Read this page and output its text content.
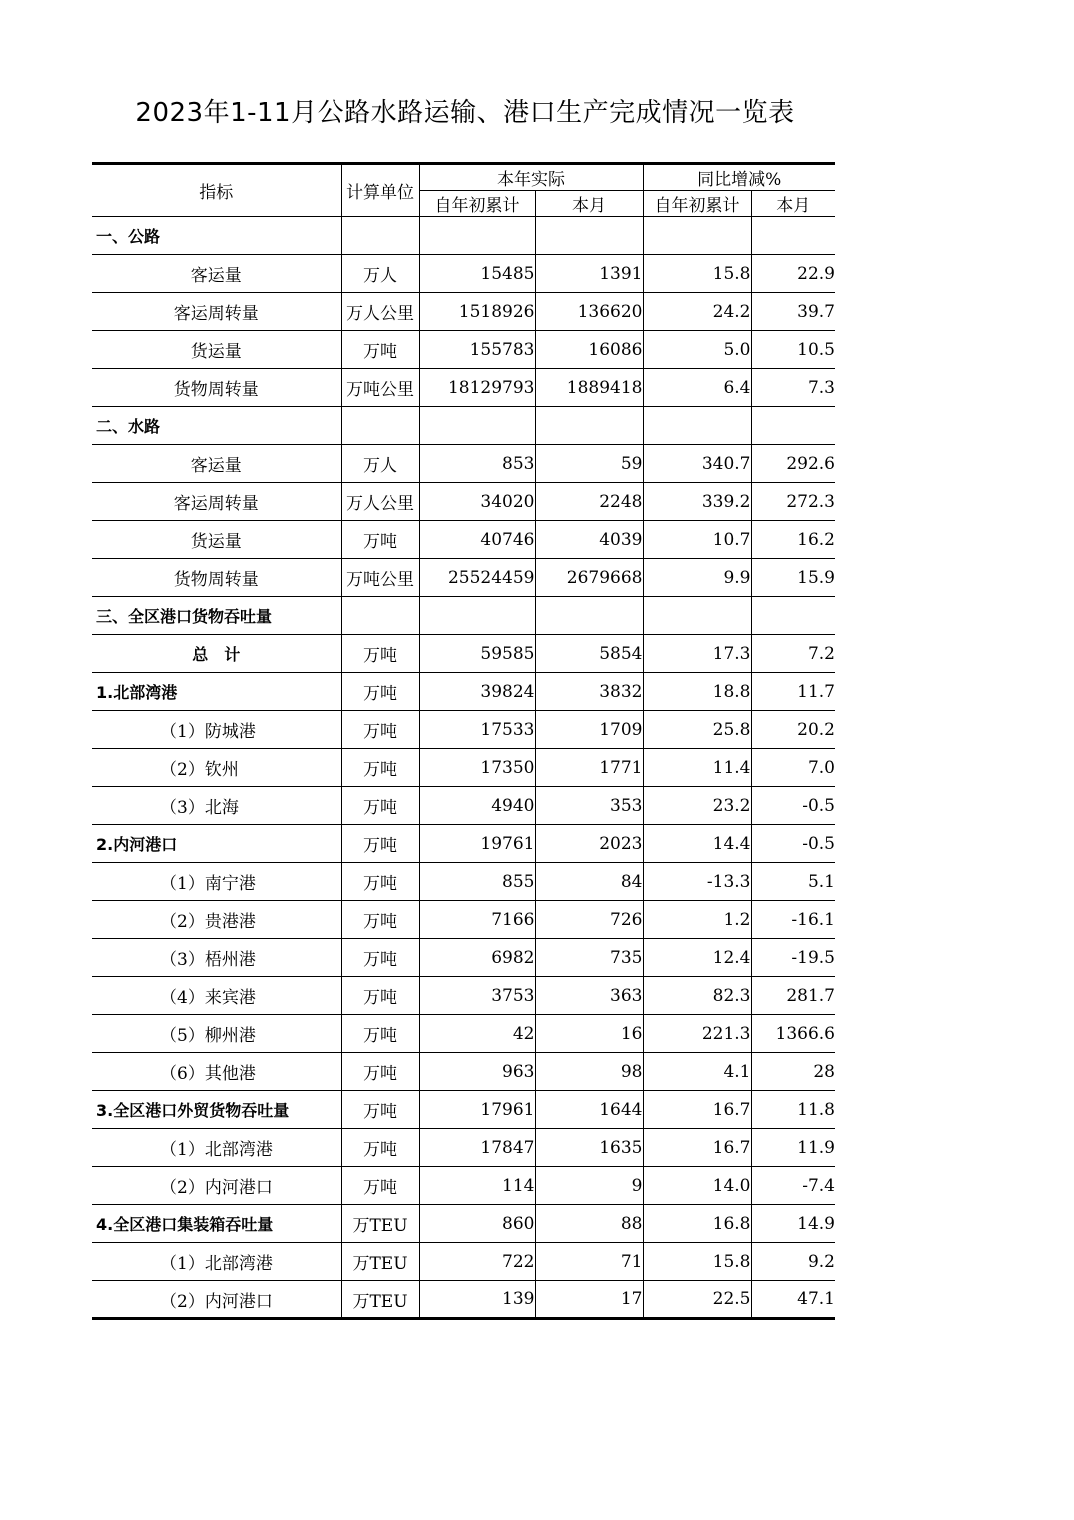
2023年1-11月公路水路运输、港口生产完成情况一览表
指标	计算单位	本年实际		同比增减%	
		自年初累计	本月	自年初累计	本月
一、公路					
客运量	万人	15485	1391	15.8	22.9
客运周转量	万人公里	1518926	136620	24.2	39.7
货运量	万吨	155783	16086	5.0	10.5
货物周转量	万吨公里	18129793	1889418	6.4	7.3
二、水路					
客运量	万人	853	59	340.7	292.6
客运周转量	万人公里	34020	2248	339.2	272.3
货运量	万吨	40746	4039	10.7	16.2
货物周转量	万吨公里	25524459	2679668	9.9	15.9
三、全区港口货物吞吐量					
总　计	万吨	59585	5854	17.3	7.2
1.北部湾港	万吨	39824	3832	18.8	11.7
（1）防城港	万吨	17533	1709	25.8	20.2
（2）钦州	万吨	17350	1771	11.4	7.0
（3）北海	万吨	4940	353	23.2	-0.5
2.内河港口	万吨	19761	2023	14.4	-0.5
（1）南宁港	万吨	855	84	-13.3	5.1
（2）贵港港	万吨	7166	726	1.2	-16.1
（3）梧州港	万吨	6982	735	12.4	-19.5
（4）来宾港	万吨	3753	363	82.3	281.7
（5）柳州港	万吨	42	16	221.3	1366.6
（6）其他港	万吨	963	98	4.1	28
3.全区港口外贸货物吞吐量	万吨	17961	1644	16.7	11.8
（1）北部湾港	万吨	17847	1635	16.7	11.9
（2）内河港口	万吨	114	9	14.0	-7.4
4.全区港口集装箱吞吐量	万TEU	860	88	16.8	14.9
（1）北部湾港	万TEU	722	71	15.8	9.2
（2）内河港口	万TEU	139	17	22.5	47.1
